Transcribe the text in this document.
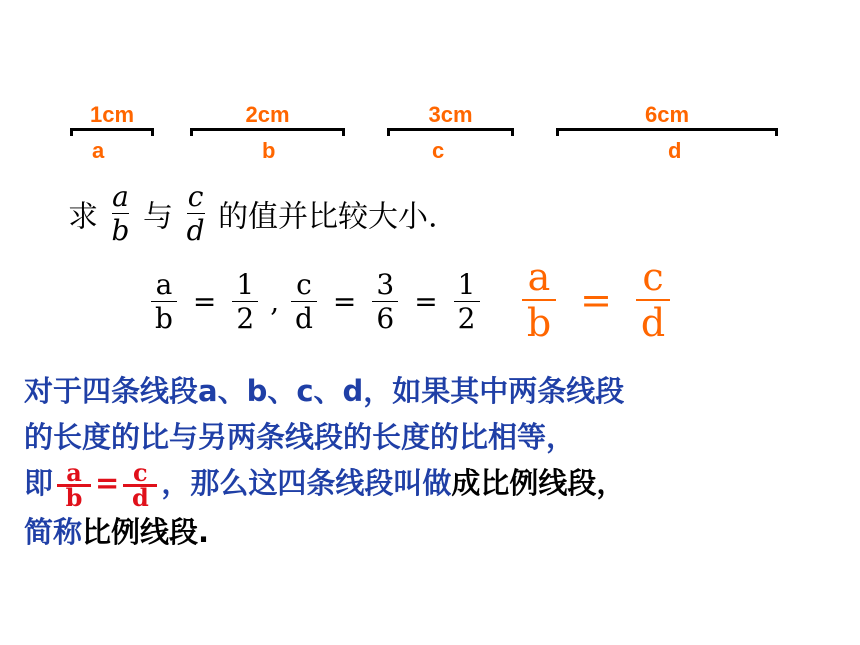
1cm
a
2cm
b
3cm
c
6cm
d
求 $\frac{a}{b}$ 与 $\frac{c}{d}$ 的值并比较大小.
$\frac{a}{b} = \frac{1}{2}$ , $\frac{c}{d} = \frac{3}{6} = \frac{1}{2} \frac{a}{b} = \frac{c}{d}$
对于四条线段a、b、c、d，如果其中两条线段
的长度的比与另两条线段的长度的比相等，
即 $\frac{a}{b} = \frac{c}{d}$ ，那么这四条线段叫做成比例线段，
简称比例线段.
